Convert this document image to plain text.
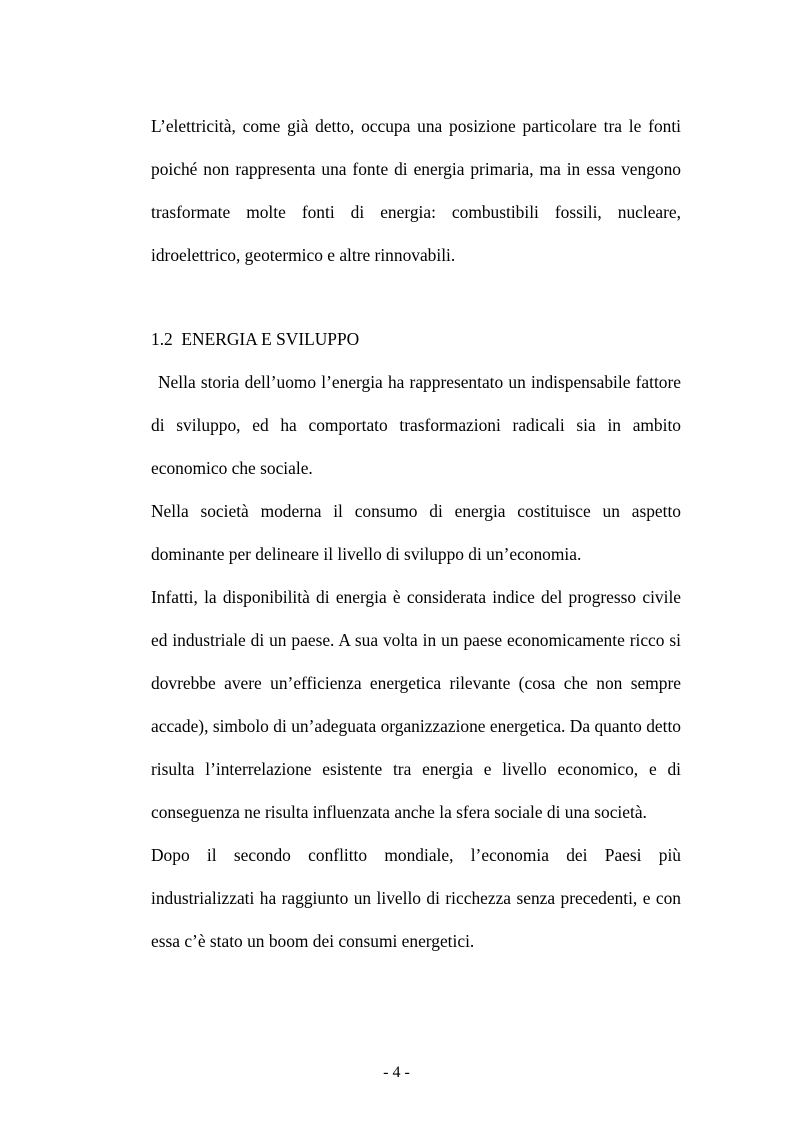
L’elettricità, come già detto, occupa una posizione particolare tra le fonti poiché non rappresenta una fonte di energia primaria, ma in essa vengono trasformate molte fonti di energia: combustibili fossili, nucleare, idroelettrico, geotermico e altre rinnovabili.

1.2  ENERGIA E SVILUPPO

Nella storia dell’uomo l’energia ha rappresentato un indispensabile fattore di sviluppo, ed ha comportato trasformazioni radicali sia in ambito economico che sociale.

Nella società moderna il consumo di energia costituisce un aspetto dominante per delineare il livello di sviluppo di un’economia.

Infatti, la disponibilità di energia è considerata indice del progresso civile ed industriale di un paese. A sua volta in un paese economicamente ricco si dovrebbe avere un’efficienza energetica rilevante (cosa che non sempre accade), simbolo di un’adeguata organizzazione energetica. Da quanto detto risulta l’interrelazione esistente tra energia e livello economico, e di conseguenza ne risulta influenzata anche la sfera sociale di una società.

Dopo il secondo conflitto mondiale, l’economia dei Paesi più industrializzati ha raggiunto un livello di ricchezza senza precedenti, e con essa c’è stato un boom dei consumi energetici.

- 4 -
